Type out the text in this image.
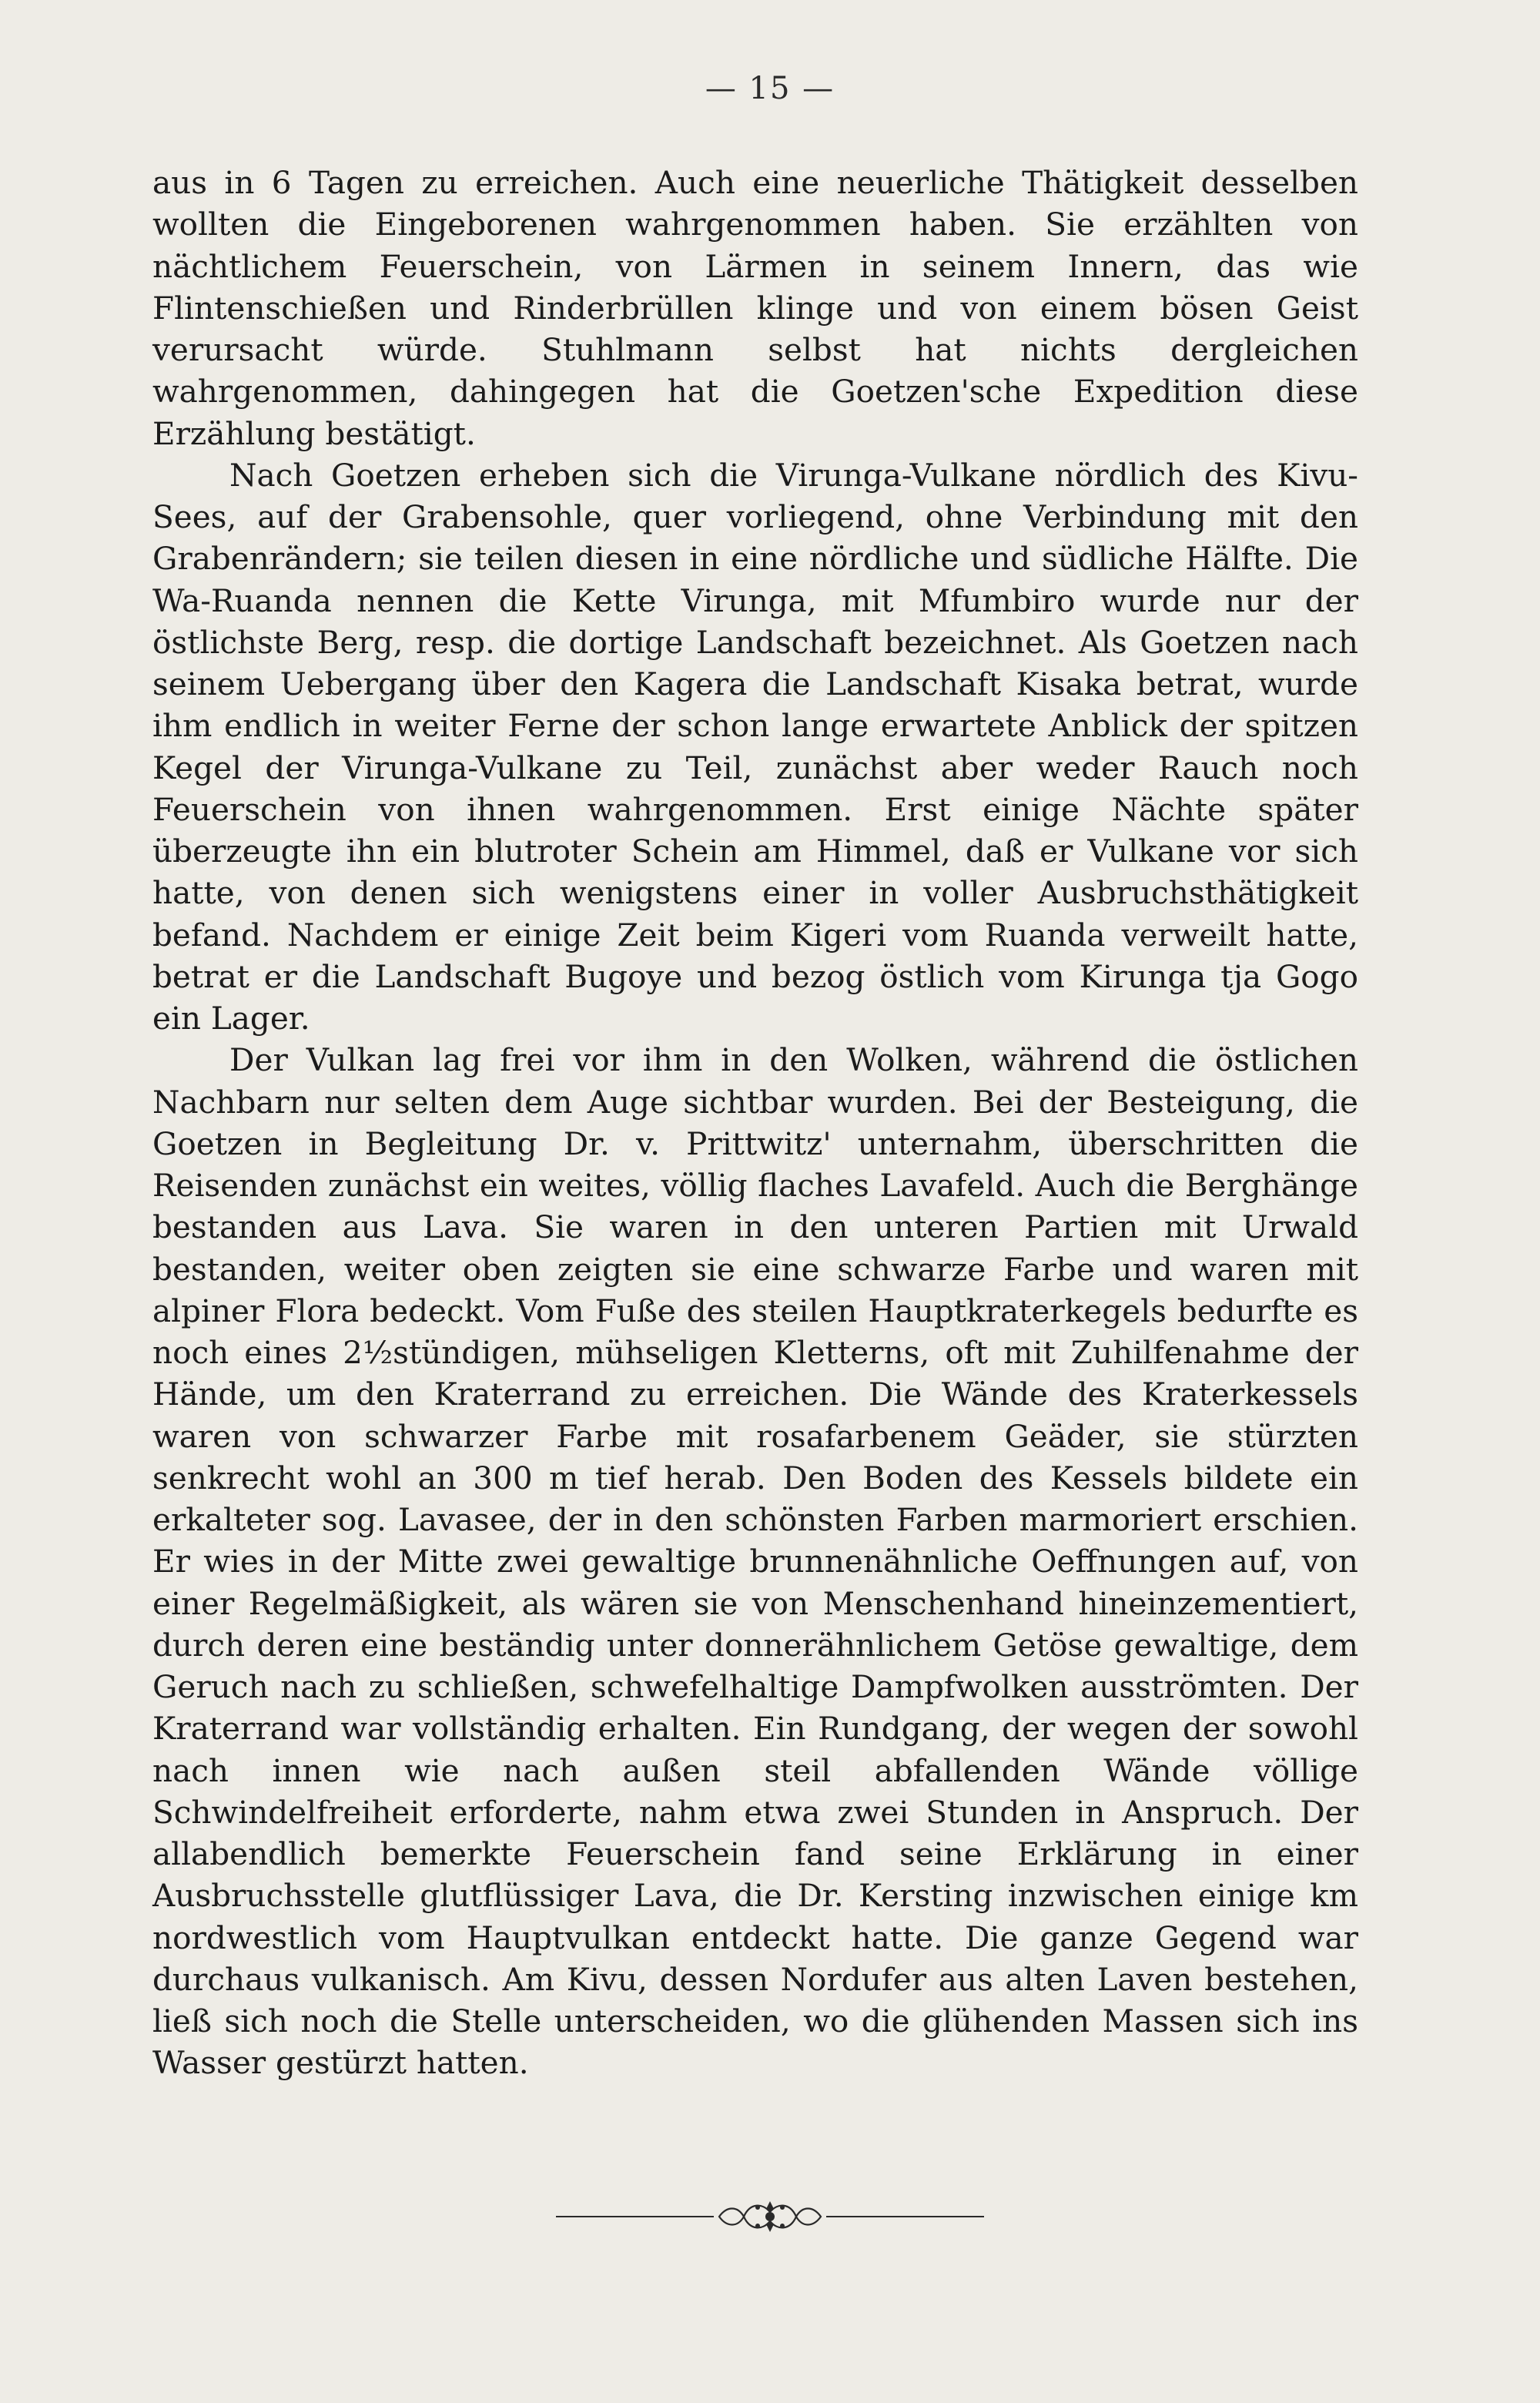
— 15 —

aus in 6 Tagen zu erreichen. Auch eine neuerliche Thätigkeit desselben wollten die Eingeborenen wahrgenommen haben. Sie erzählten von nächtlichem Feuerschein, von Lärmen in seinem Innern, das wie Flintenschießen und Rinderbrüllen klinge und von einem bösen Geist verursacht würde. Stuhlmann selbst hat nichts dergleichen wahrgenommen, dahingegen hat die Goetzen'sche Expedition diese Erzählung bestätigt.

Nach Goetzen erheben sich die Virunga-Vulkane nördlich des Kivu-Sees, auf der Grabensohle, quer vorliegend, ohne Verbindung mit den Grabenrändern; sie teilen diesen in eine nördliche und südliche Hälfte. Die Wa-Ruanda nennen die Kette Virunga, mit Mfumbiro wurde nur der östlichste Berg, resp. die dortige Landschaft bezeichnet. Als Goetzen nach seinem Uebergang über den Kagera die Landschaft Kisaka betrat, wurde ihm endlich in weiter Ferne der schon lange erwartete Anblick der spitzen Kegel der Virunga-Vulkane zu Teil, zunächst aber weder Rauch noch Feuerschein von ihnen wahrgenommen. Erst einige Nächte später überzeugte ihn ein blutroter Schein am Himmel, daß er Vulkane vor sich hatte, von denen sich wenigstens einer in voller Ausbruchsthätigkeit befand. Nachdem er einige Zeit beim Kigeri vom Ruanda verweilt hatte, betrat er die Landschaft Bugoye und bezog östlich vom Kirunga tja Gogo ein Lager.

Der Vulkan lag frei vor ihm in den Wolken, während die östlichen Nachbarn nur selten dem Auge sichtbar wurden. Bei der Besteigung, die Goetzen in Begleitung Dr. v. Prittwitz' unternahm, überschritten die Reisenden zunächst ein weites, völlig flaches Lavafeld. Auch die Berghänge bestanden aus Lava. Sie waren in den unteren Partien mit Urwald bestanden, weiter oben zeigten sie eine schwarze Farbe und waren mit alpiner Flora bedeckt. Vom Fuße des steilen Hauptkraterkegels bedurfte es noch eines 2½stündigen, mühseligen Kletterns, oft mit Zuhilfenahme der Hände, um den Kraterrand zu erreichen. Die Wände des Kraterkessels waren von schwarzer Farbe mit rosafarbenem Geäder, sie stürzten senkrecht wohl an 300 m tief herab. Den Boden des Kessels bildete ein erkalteter sog. Lavasee, der in den schönsten Farben marmoriert erschien. Er wies in der Mitte zwei gewaltige brunnenähnliche Oeffnungen auf, von einer Regelmäßigkeit, als wären sie von Menschenhand hineinzementiert, durch deren eine beständig unter donnerähnlichem Getöse gewaltige, dem Geruch nach zu schließen, schwefelhaltige Dampfwolken ausströmten. Der Kraterrand war vollständig erhalten. Ein Rundgang, der wegen der sowohl nach innen wie nach außen steil abfallenden Wände völlige Schwindelfreiheit erforderte, nahm etwa zwei Stunden in Anspruch. Der allabendlich bemerkte Feuerschein fand seine Erklärung in einer Ausbruchsstelle glutflüssiger Lava, die Dr. Kersting inzwischen einige km nordwestlich vom Hauptvulkan entdeckt hatte. Die ganze Gegend war durchaus vulkanisch. Am Kivu, dessen Nordufer aus alten Laven bestehen, ließ sich noch die Stelle unterscheiden, wo die glühenden Massen sich ins Wasser gestürzt hatten.
